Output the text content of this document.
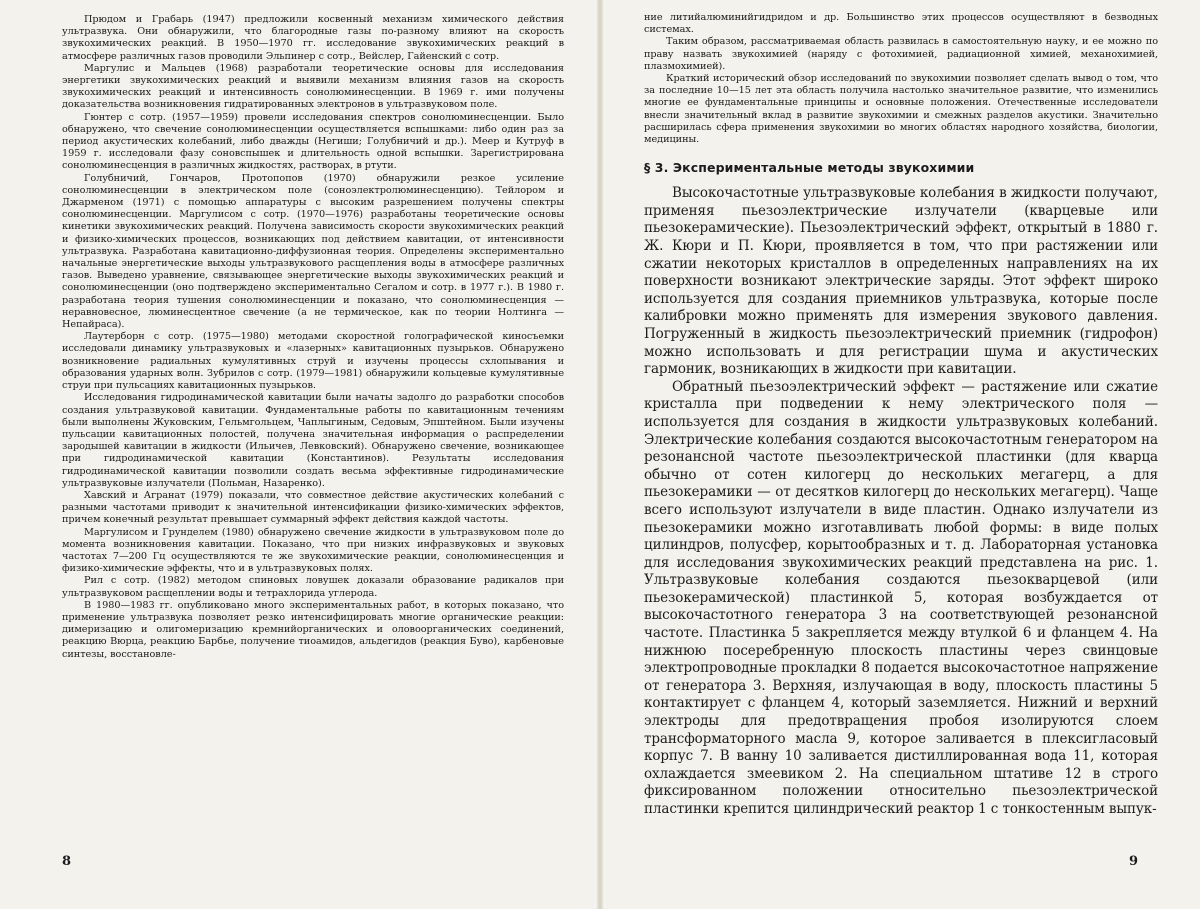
Прюдом и Грабарь (1947) предложили косвенный механизм химического действия ультразвука. Они обнаружили, что благородные газы по-разному влияют на скорость звукохимических реакций. В 1950—1970 гг. исследование звукохимических реакций в атмосфере различных газов проводили Эльпинер с сотр., Вейслер, Гайенский с сотр.

Маргулис и Мальцев (1968) разработали теоретические основы для исследования энергетики звукохимических реакций и выявили механизм влияния газов на скорость звукохимических реакций и интенсивность сонолюминесценции. В 1969 г. ими получены доказательства возникновения гидратированных электронов в ультразвуковом поле.

Гюнтер с сотр. (1957—1959) провели исследования спектров сонолюминесценции. Было обнаружено, что свечение сонолюминесценции осуществляется вспышками: либо один раз за период акустических колебаний, либо дважды (Негиши; Голубничий и др.). Меер и Кутруф в 1959 г. исследовали фазу соновспышек и длительность одной вспышки. Зарегистрирована сонолюминесценция в различных жидкостях, растворах, в ртути.

Голубничий, Гончаров, Протопопов (1970) обнаружили резкое усиление сонолюминесценции в электрическом поле (соноэлектролюминесценцию). Тейлором и Джарменом (1971) с помощью аппаратуры с высоким разрешением получены спектры сонолюминесценции. Маргулисом с сотр. (1970—1976) разработаны теоретические основы кинетики звукохимических реакций. Получена зависимость скорости звукохимических реакций и физико-химических процессов, возникающих под действием кавитации, от интенсивности ультразвука. Разработана кавитационно-диффузионная теория. Определены экспериментально начальные энергетические выходы ультразвукового расщепления воды в атмосфере различных газов. Выведено уравнение, связывающее энергетические выходы звукохимических реакций и сонолюминесценции (оно подтверждено экспериментально Сегалом и сотр. в 1977 г.). В 1980 г. разработана теория тушения сонолюминесценции и показано, что сонолюминесценция — неравновесное, люминесцентное свечение (а не термическое, как по теории Нолтинга — Непайраса).

Лаутерборн с сотр. (1975—1980) методами скоростной голографической киносъемки исследовали динамику ультразвуковых и «лазерных» кавитационных пузырьков. Обнаружено возникновение радиальных кумулятивных струй и изучены процессы схлопывания и образования ударных волн. Зубрилов с сотр. (1979—1981) обнаружили кольцевые кумулятивные струи при пульсациях кавитационных пузырьков.

Исследования гидродинамической кавитации были начаты задолго до разработки способов создания ультразвуковой кавитации. Фундаментальные работы по кавитационным течениям были выполнены Жуковским, Гельмгольцем, Чаплыгиным, Седовым, Эпштейном. Были изучены пульсации кавитационных полостей, получена значительная информация о распределении зародышей кавитации в жидкости (Ильичев, Левковский). Обнаружено свечение, возникающее при гидродинамической кавитации (Константинов). Результаты исследования гидродинамической кавитации позволили создать весьма эффективные гидродинамические ультразвуковые излучатели (Польман, Назаренко).

Хавский и Агранат (1979) показали, что совместное действие акустических колебаний с разными частотами приводит к значительной интенсификации физико-химических эффектов, причем конечный результат превышает суммарный эффект действия каждой частоты.

Маргулисом и Грунделем (1980) обнаружено свечение жидкости в ультразвуковом поле до момента возникновения кавитации. Показано, что при низких инфразвуковых и звуковых частотах 7—200 Гц осуществляются те же звукохимические реакции, сонолюминесценция и физико-химические эффекты, что и в ультразвуковых полях.

Рил с сотр. (1982) методом спиновых ловушек доказали образование радикалов при ультразвуковом расщеплении воды и тетрахлорида углерода.

В 1980—1983 гг. опубликовано много экспериментальных работ, в которых показано, что применение ультразвука позволяет резко интенсифицировать многие органические реакции: димеризацию и олигомеризацию кремнийорганических и оловоорганических соединений, реакцию Вюрца, реакцию Барбье, получение тиоамидов, альдегидов (реакция Буво), карбеновые синтезы, восстановле-

8

ние литийалюминийгидридом и др. Большинство этих процессов осуществляют в безводных системах.

Таким образом, рассматриваемая область развилась в самостоятельную науку, и ее можно по праву назвать звукохимией (наряду с фотохимией, радиационной химией, механохимией, плазмохимией).

Краткий исторический обзор исследований по звукохимии позволяет сделать вывод о том, что за последние 10—15 лет эта область получила настолько значительное развитие, что изменились многие ее фундаментальные принципы и основные положения. Отечественные исследователи внесли значительный вклад в развитие звукохимии и смежных разделов акустики. Значительно расширилась сфера применения звукохимии во многих областях народного хозяйства, биологии, медицины.

§ 3. Экспериментальные методы звукохимии

Высокочастотные ультразвуковые колебания в жидкости получают, применяя пьезоэлектрические излучатели (кварцевые или пьезокерамические). Пьезоэлектрический эффект, открытый в 1880 г. Ж. Кюри и П. Кюри, проявляется в том, что при растяжении или сжатии некоторых кристаллов в определенных направлениях на их поверхности возникают электрические заряды. Этот эффект широко используется для создания приемников ультразвука, которые после калибровки можно применять для измерения звукового давления. Погруженный в жидкость пьезоэлектрический приемник (гидрофон) можно использовать и для регистрации шума и акустических гармоник, возникающих в жидкости при кавитации.

Обратный пьезоэлектрический эффект — растяжение или сжатие кристалла при подведении к нему электрического поля — используется для создания в жидкости ультразвуковых колебаний. Электрические колебания создаются высокочастотным генератором на резонансной частоте пьезоэлектрической пластинки (для кварца обычно от сотен килогерц до нескольких мегагерц, а для пьезокерамики — от десятков килогерц до нескольких мегагерц). Чаще всего используют излучатели в виде пластин. Однако излучатели из пьезокерамики можно изготавливать любой формы: в виде полых цилиндров, полусфер, корытообразных и т. д. Лабораторная установка для исследования звукохимических реакций представлена на рис. 1. Ультразвуковые колебания создаются пьезокварцевой (или пьезокерамической) пластинкой 5, которая возбуждается от высокочастотного генератора 3 на соответствующей резонансной частоте. Пластинка 5 закрепляется между втулкой 6 и фланцем 4. На нижнюю посеребренную плоскость пластины через свинцовые электропроводные прокладки 8 подается высокочастотное напряжение от генератора 3. Верхняя, излучающая в воду, плоскость пластины 5 контактирует с фланцем 4, который заземляется. Нижний и верхний электроды для предотвращения пробоя изолируются слоем трансформаторного масла 9, которое заливается в плексигласовый корпус 7. В ванну 10 заливается дистиллированная вода 11, которая охлаждается змеевиком 2. На специальном штативе 12 в строго фиксированном положении относительно пьезоэлектрической пластинки крепится цилиндрический реактор 1 с тонкостенным выпук-

9
